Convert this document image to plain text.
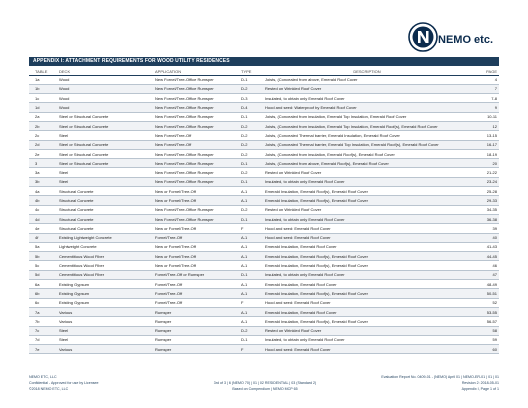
NEMO etc.
APPENDIX I: ATTACHMENT REQUIREMENTS FOR WOOD UTILITY RESIDENCES
TABLE	DECK	APPLICATION	TYPE	DESCRIPTION	PAGE
1a	Wood	New Fornel/Tree-Office Rumsper	D-1	Joists, (Concealed from above, Emerald Roof Cover	4
1b	Wood	New Fornel/Tree-Office Rumsper	D-2	Rested on Wrinkled Roof Cover	7
1c	Wood	New Fornel/Tree-Office Rumsper	D-3	Insulated, to obtain only Emerald Roof Cover	7-8
1d	Wood	New Fornel/Tree-Office Rumsper	D-4	Hood and seed: Waterproof by Emerald Roof Cover	9
2a	Steel or Structural Concrete	New Fornel/Tree-Office Rumsper	D-1	Joists, (Concealed from insulation, Emerald Top Insulation, Emerald Roof Cover	10-11
2b	Steel or Structural Concrete	New Fornel/Tree-Office Rumsper	D-2	Joists, (Concealed from insulation, Emerald Top Insulation, Emerald Roof(s), Emerald Roof Cover	12
2c	Steel	New Fornel/Tree-Off	D-2	Joists, (Concealed Thermal barrier, Emerald Insulation, Emerald Roof Cover	13-15
2d	Steel or Structural Concrete	New Fornel/Tree-Off	D-2	Joists, (Concealed Thermal barrier, Emerald Top Insulation, Emerald Roof(s), Emerald Roof Cover	16-17
2e	Steel or Structural Concrete	New Fornel/Tree-Office Rumsper	D-2	Joists, (Concealed from insulation, Emerald Roof(s), Emerald Roof Cover	18-19
3	Steel or Structural Concrete	New Fornel/Tree-Office Rumsper	D-1	Joists, (Concealed from above, Emerald Roof(s), Emerald Roof Cover	20
3a	Steel	New Fornel/Tree-Office Rumsper	D-2	Rested on Wrinkled Roof Cover	21-22
3b	Steel	New Fornel/Tree-Office Rumsper	D-1	Insulated, to obtain only Emerald Roof Cover	23-24
4a	Structural Concrete	New or Fornel/Tree-Off	A-1	Emerald Insulation, Emerald Roof(s), Emerald Roof Cover	25-28
4b	Structural Concrete	New or Fornel/Tree-Off	A-1	Emerald Insulation, Emerald Roof(s), Emerald Roof Cover	29-33
4c	Structural Concrete	New Fornel/Tree-Office Rumsper	D-2	Rested on Wrinkled Roof Cover	34-35
4d	Structural Concrete	New Fornel/Tree-Office Rumsper	D-1	Insulated, to obtain only Emerald Roof Cover	36-38
4e	Structural Concrete	New or Fornel/Tree-Off	F	Hood and seed: Emerald Roof Cover	39
4f	Existing Lightweight Concrete	Fornel/Tree-Off	A-1	Hood and seed: Emerald Roof Cover	40
5a	Lightweight Concrete	New or Fornel/Tree-Off	A-1	Emerald Insulation, Emerald Roof Cover	41-43
5b	Cementitious Wood Fiber	New or Fornel/Tree-Off	A-1	Emerald Insulation, Emerald Roof(s), Emerald Roof Cover	44-45
5c	Cementitious Wood Fiber	New or Fornel/Tree-Off	A-1	Emerald Insulation, Emerald Roof(s), Emerald Roof Cover	46
5d	Cementitious Wood Fiber	Fornel/Tree-Off or Rumsper	D-1	Insulated, to obtain only Emerald Roof Cover	47
6a	Existing Gypsum	Fornel/Tree-Off	A-1	Emerald Insulation, Emerald Roof Cover	48-49
6b	Existing Gypsum	Fornel/Tree-Off	A-1	Emerald Insulation, Emerald Roof(s), Emerald Roof Cover	50-51
6c	Existing Gypsum	Fornel/Tree-Off	F	Hood and seed: Emerald Roof Cover	52
7a	Various	Rumsper	A-1	Emerald Insulation, Emerald Roof Cover	53-55
7b	Various	Rumsper	A-1	Emerald Insulation, Emerald Roof(s), Emerald Roof Cover	56-57
7c	Steel	Rumsper	D-2	Rested on Wrinkled Roof Cover	58
7d	Steel	Rumsper	D-1	Insulated, to obtain only Emerald Roof Cover	59
7e	Various	Rumsper	F	Hood and seed: Emerald Roof Cover	60
NEMO ETC, LLC
Confidential - Approved for use by Licensee
©2018 NEMO ETC, LLC
3rd of 3 | 6 (NEMO 70) | 01 | 02 RESIDENTIAL | 03 (Standard 2)
Based on Compendium | NEMO MCP 65
Evaluation Report No. 0409-01 - (NEMO) April 01 | NEMO-ER-01 | 01 | 01
Revision 2: 2018-05-01
Appendix I, Page 1 of 1
